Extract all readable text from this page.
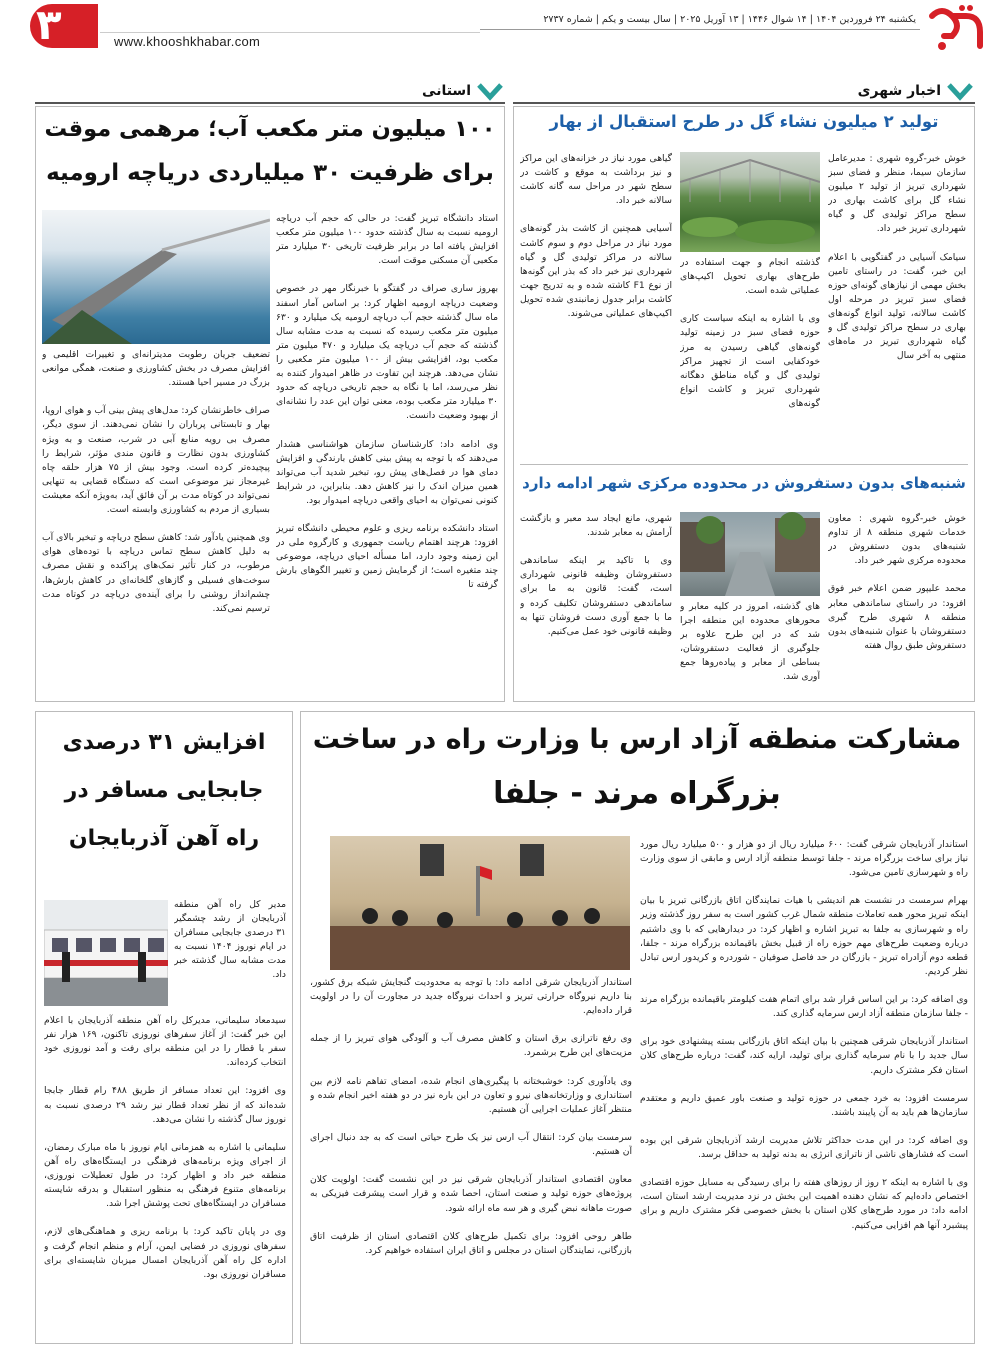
۳	www.khooshkhabar.com
یکشنبه ۲۴ فروردین ۱۴۰۴ | ۱۴ شوال ۱۴۴۶ | ۱۳ آوریل ۲۰۲۵ | سال بیست و یکم | شماره ۲۷۳۷
اخبار شهری
استانی
تولید ۲ میلیون نشاء گل در طرح استقبال از بهار
خوش خبر-گروه شهری : مدیرعامل سازمان سیما، منظر و فضای سبز شهرداری تبریز از تولید ۲ میلیون نشاء گل برای کاشت بهاری در سطح مراکز تولیدی گل و گیاه شهرداری تبریز خبر داد.

سیامک آسیایی در گفتگویی با اعلام این خبر، گفت: در راستای تامین بخش مهمی از نیازهای گونه‌ای حوزه فضای سبز تبریز در مرحله اول کاشت سالانه، تولید انواع گونه‌های بهاری در سطح مراکز تولیدی گل و گیاه شهرداری تبریز در ماه‌های منتهی به آخر سال
گذشته انجام و جهت استفاده در طرح‌های بهاری تحویل اکیپ‌های عملیاتی شده است.

وی با اشاره به اینکه سیاست کاری حوزه فضای سبز در زمینه تولید گونه‌های گیاهی رسیدن به مرز خودکفایی است از تجهیز مراکز تولیدی گل و گیاه مناطق دهگانه شهرداری تبریز و کاشت انواع گونه‌های
گیاهی مورد نیاز در خزانه‌های این مراکز و نیز برداشت به موقع و کاشت در سطح شهر در مراحل سه گانه کاشت سالانه خبر داد.

آسیایی همچنین از کاشت بذر گونه‌های مورد نیاز در مراحل دوم و سوم کاشت سالانه در مراکز تولیدی گل و گیاه شهرداری نیز خبر داد که بذر این گونه‌ها از نوع F1 کاشته شده و به تدریج جهت کاشت برابر جدول زمانبندی شده تحویل اکیپ‌های عملیاتی می‌شوند.
شنبه‌های بدون دستفروش در محدوده مرکزی شهر ادامه دارد
خوش خبر-گروه شهری : معاون خدمات شهری منطقه ۸ از تداوم شنبه‌های بدون دستفروش در محدوده مرکزی شهر خبر داد.

محمد علیپور ضمن اعلام خبر فوق افزود: در راستای ساماندهی معابر منطقه ۸ شهری طرح گیری دستفروشان با عنوان شنبه‌های بدون دستفروش طبق روال هفته
های گذشته، امروز در کلیه معابر و محورهای محدوده این منطقه اجرا شد که در این طرح علاوه بر جلوگیری از فعالیت دستفروشان، بساطی از معابر و پیاده‌روها جمع آوری شد.
شهری، مانع ایجاد سد معبر و بازگشت آرامش به معابر شدند.

وی با تاکید بر اینکه ساماندهی دستفروشان وظیفه قانونی شهرداری است، گفت: قانون به ما برای ساماندهی دستفروشان تکلیف کرده و ما با جمع آوری دست فروشان تنها به وظیفه قانونی خود عمل می‌کنیم.
۱۰۰ میلیون متر مکعب آب؛ مرهمی موقت
برای ظرفیت ۳۰ میلیاردی دریاچه ارومیه
استاد دانشگاه تبریز گفت: در حالی که حجم آب دریاچه ارومیه نسبت به سال گذشته حدود ۱۰۰ میلیون متر مکعب افزایش یافته اما در برابر ظرفیت تاریخی ۳۰ میلیارد متر مکعبی آن مسکنی موقت است.

بهروز ساری صراف در گفتگو با خبرنگار مهر در خصوص وضعیت دریاچه ارومیه اظهار کرد: بر اساس آمار اسفند ماه سال گذشته حجم آب دریاچه ارومیه یک میلیارد و ۶۳۰ میلیون متر مکعب رسیده که نسبت به مدت مشابه سال گذشته که حجم آب دریاچه یک میلیارد و ۴۷۰ میلیون متر مکعب بود، افزایشی بیش از ۱۰۰ میلیون متر مکعبی را نشان می‌دهد. هرچند این تفاوت در ظاهر امیدوار کننده به نظر می‌رسد، اما با نگاه به حجم تاریخی دریاچه که حدود ۳۰ میلیارد متر مکعب بوده، معنی توان این عدد را نشانه‌ای از بهبود وضعیت دانست.

وی ادامه داد: کارشناسان سازمان هواشناسی هشدار می‌دهند که با توجه به پیش بینی کاهش بارندگی و افزایش دمای هوا در فصل‌های پیش رو، تبخیر شدید آب می‌تواند همین میزان اندک را نیز کاهش دهد. بنابراین، در شرایط کنونی نمی‌توان به احیای واقعی دریاچه امیدوار بود.

استاد دانشکده برنامه ریزی و علوم محیطی دانشگاه تبریز افزود: هرچند اهتمام ریاست جمهوری و کارگروه ملی در این زمینه وجود دارد، اما مسأله احیای دریاچه، موضوعی چند متغیره است؛ از گرمایش زمین و تغییر الگوهای بارش گرفته تا
تضعیف جریان رطوبت مدیترانه‌ای و تغییرات اقلیمی و افزایش مصرف در بخش کشاورزی و صنعت، همگی موانعی بزرگ در مسیر احیا هستند.

صراف خاطرنشان کرد: مدل‌های پیش بینی آب و هوای اروپا، بهار و تابستانی پرباران را نشان نمی‌دهند. از سوی دیگر، مصرف بی رویه منابع آبی در شرب، صنعت و به ویژه کشاورزی بدون نظارت و قانون مندی مؤثر، شرایط را پیچیده‌تر کرده است. وجود بیش از ۷۵ هزار حلقه چاه غیرمجاز نیز موضوعی است که دستگاه قضایی به تنهایی نمی‌تواند در کوتاه مدت بر آن فائق آید، به‌ویژه آنکه معیشت بسیاری از مردم به کشاورزی وابسته است.

وی همچنین یادآور شد: کاهش سطح دریاچه و تبخیر بالای آب به دلیل کاهش سطح تماس دریاچه با توده‌های هوای مرطوب، در کنار تأثیر نمک‌های پراکنده و نقش مصرف سوخت‌های فسیلی و گازهای گلخانه‌ای در کاهش بارش‌ها، چشم‌انداز روشنی را برای آینده‌ی دریاچه در کوتاه مدت ترسیم نمی‌کند.
مشارکت منطقه آزاد ارس با وزارت راه در ساخت
بزرگراه مرند - جلفا
استاندار آذربایجان شرقی گفت: ۶۰۰ میلیارد ریال از دو هزار و ۵۰۰ میلیارد ریال مورد نیاز برای ساخت بزرگراه مرند - جلفا توسط منطقه آزاد ارس و مابقی از سوی وزارت راه و شهرسازی تامین می‌شود.

بهرام سرمست در نشست هم اندیشی با هیات نمایندگان اتاق بازرگانی تبریز با بیان اینکه تبریز محور همه تعاملات منطقه شمال غرب کشور است به سفر روز گذشته وزیر راه و شهرسازی به جلفا به تبریز اشاره و اظهار کرد: در دیدارهایی که با وی داشتیم درباره وضعیت طرح‌های مهم حوزه راه از قبیل بخش باقیمانده بزرگراه مرند - جلفا، قطعه دوم آزادراه تبریز - بازرگان در حد فاصل صوفیان - شوردره و کریدور ارس تبادل نظر کردیم.

وی اضافه کرد: بر این اساس قرار شد برای اتمام هفت کیلومتر باقیمانده بزرگراه مرند - جلفا سازمان منطقه آزاد ارس سرمایه گذاری کند.

استاندار آذربایجان شرقی همچنین با بیان اینکه اتاق بازرگانی بسته پیشنهادی خود برای سال جدید را با نام سرمایه گذاری برای تولید، ارایه کند، گفت: درباره طرح‌های کلان استان فکر مشترک داریم.

سرمست افزود: به خرد جمعی در حوزه تولید و صنعت باور عمیق داریم و معتقدم سازمان‌ها هم باید به آن پایبند باشند.

وی اضافه کرد: در این مدت حداکثر تلاش مدیریت ارشد آذربایجان شرقی این بوده است که فشارهای ناشی از ناترازی انرژی به بدنه تولید به حداقل برسد.

وی با اشاره به اینکه ۲ روز از روزهای هفته را برای رسیدگی به مسایل حوزه اقتصادی اختصاص داده‌ایم که نشان دهنده اهمیت این بخش در نزد مدیریت ارشد استان است، ادامه داد: در مورد طرح‌های کلان استان با بخش خصوصی فکر مشترک داریم و برای پیشبرد آنها هم افزایی می‌کنیم.
استاندار آذربایجان شرقی ادامه داد: با توجه به محدودیت گنجایش شبکه برق کشور، بنا داریم نیروگاه حرارتی تبریز و احداث نیروگاه جدید در مجاورت آن را در اولویت قرار داده‌ایم.

وی رفع ناترازی برق استان و کاهش مصرف آب و آلودگی هوای تبریز را از جمله مزیت‌های این طرح برشمرد.

وی یادآوری کرد: خوشبختانه با پیگیری‌های انجام شده، امضای تفاهم نامه لازم بین استانداری و وزارتخانه‌های نیرو و تعاون در این باره نیز در دو هفته اخیر انجام شده و منتظر آغاز عملیات اجرایی آن هستیم.

سرمست بیان کرد: انتقال آب ارس نیز یک طرح حیاتی است که به جد دنبال اجرای آن هستیم.

معاون اقتصادی استاندار آذربایجان شرقی نیز در این نشست گفت: اولویت کلان پروژه‌های حوزه تولید و صنعت استان، احصا شده و قرار است پیشرفت فیزیکی به صورت ماهانه نبض گیری و هر سه ماه ارائه شود.

طاهر روحی افزود: برای تکمیل طرح‌های کلان اقتصادی استان از ظرفیت اتاق بازرگانی، نمایندگان استان در مجلس و اتاق ایران استفاده خواهیم کرد.
افزایش ۳۱ درصدی
جابجایی مسافر در
راه آهن آذربایجان
مدیر کل راه آهن منطقه آذربایجان از رشد چشمگیر ۳۱ درصدی جابجایی مسافران در ایام نوروز ۱۴۰۴ نسبت به مدت مشابه سال گذشته خبر داد.
سیدمعاد سلیمانی، مدیرکل راه آهن منطقه آذربایجان با اعلام این خبر گفت: از آغاز سفرهای نوروزی تاکنون، ۱۶۹ هزار نفر سفر با قطار را در این منطقه برای رفت و آمد نوروزی خود انتخاب کرده‌اند.

وی افزود: این تعداد مسافر از طریق ۴۸۸ رام قطار جابجا شده‌اند که از نظر تعداد قطار نیز رشد ۲۹ درصدی نسبت به نوروز سال گذشته را نشان می‌دهد.

سلیمانی با اشاره به همزمانی ایام نوروز با ماه مبارک رمضان، از اجرای ویژه برنامه‌های فرهنگی در ایستگاه‌های راه آهن منطقه خبر داد و اظهار کرد: در طول تعطیلات نوروزی، برنامه‌های متنوع فرهنگی به منظور استقبال و بدرقه شایسته مسافران در ایستگاه‌های تحت پوشش اجرا شد.

وی در پایان تاکید کرد: با برنامه ریزی و هماهنگی‌های لازم، سفرهای نوروزی در فضایی ایمن، آرام و منظم انجام گرفت و اداره کل راه آهن آذربایجان امسال میزبان شایسته‌ای برای مسافران نوروزی بود.
